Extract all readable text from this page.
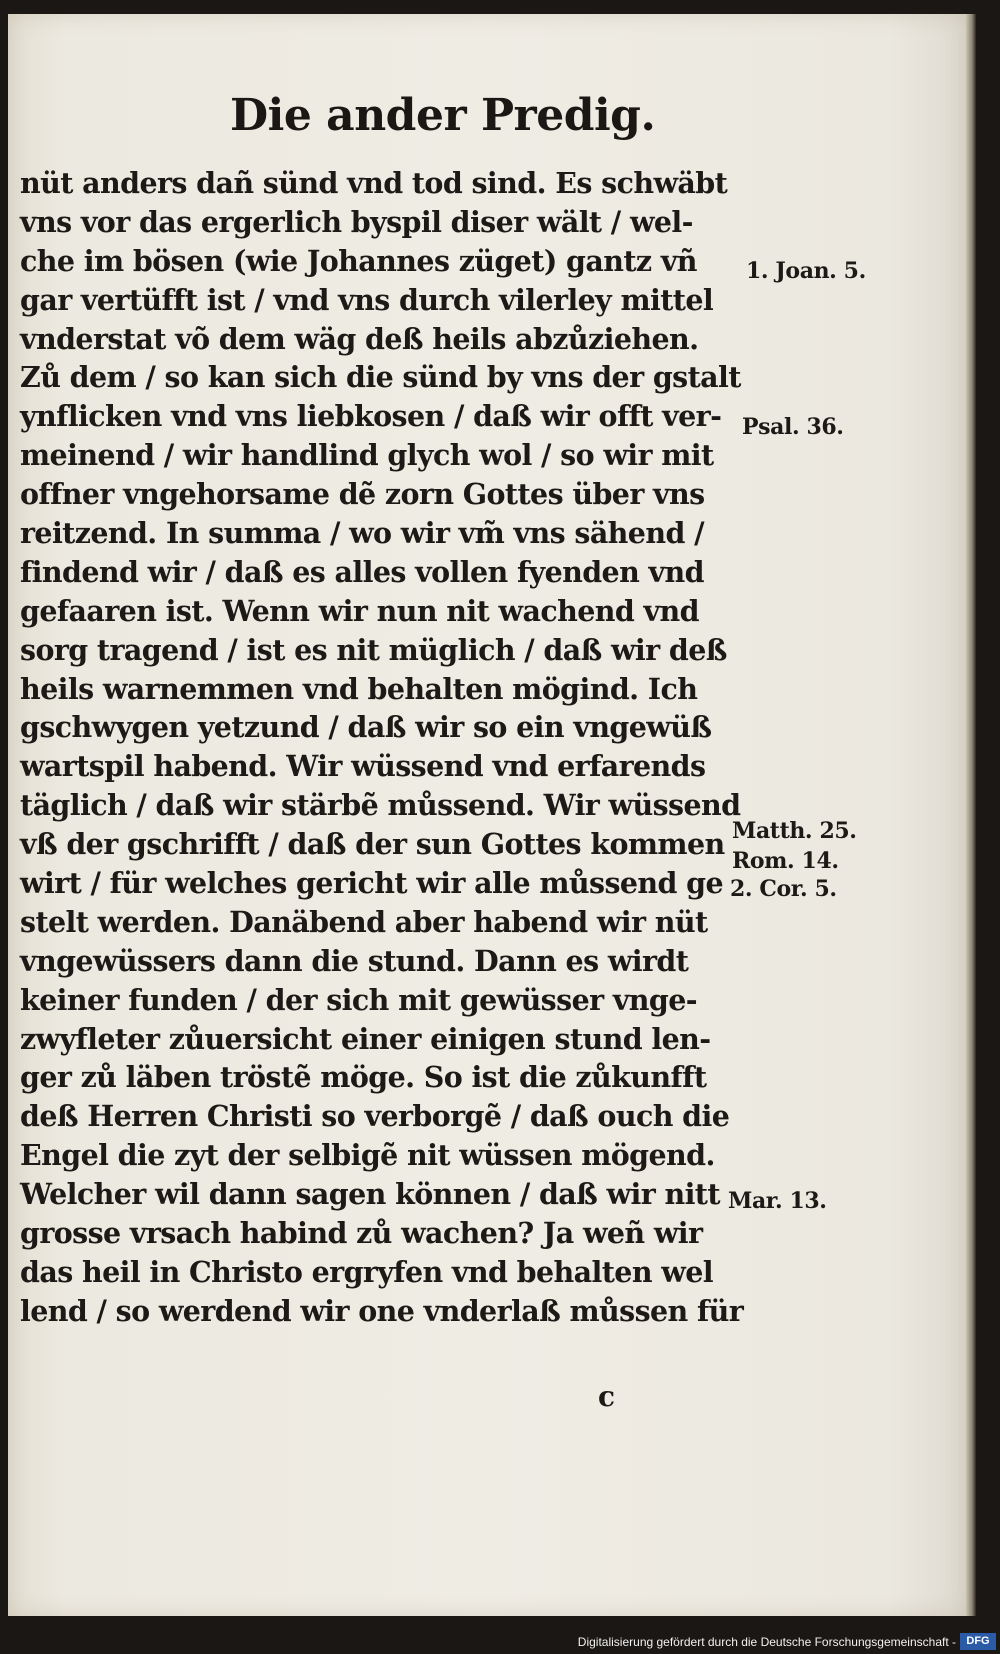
Die ander Predig.
nüt anders dañ sünd vnd tod sind. Es schwäbt
vns vor das ergerlich byspil diser wält / wel-
che im bösen (wie Johannes züget) gantz vñ
gar vertüfft ist / vnd vns durch vilerley mittel
vnderstat võ dem wäg deß heils abzůziehen.
Zů dem / so kan sich die sünd by vns der gstalt
ynflicken vnd vns liebkosen / daß wir offt ver-
meinend / wir handlind glych wol / so wir mit
offner vngehorsame dẽ zorn Gottes über vns
reitzend. In summa / wo wir vm̃ vns sähend /
findend wir / daß es alles vollen fyenden vnd
gefaaren ist. Wenn wir nun nit wachend vnd
sorg tragend / ist es nit müglich / daß wir deß
heils warnemmen vnd behalten mögind. Ich
gschwygen yetzund / daß wir so ein vngewüß
wartspil habend. Wir wüssend vnd erfarends
täglich / daß wir stärbẽ můssend. Wir wüssend
vß der gschrifft / daß der sun Gottes kommen
wirt / für welches gericht wir alle můssend ge
stelt werden. Danäbend aber habend wir nüt
vngewüssers dann die stund. Dann es wirdt
keiner funden / der sich mit gewüsser vnge-
zwyfleter zůuersicht einer einigen stund len-
ger zů läben tröstẽ möge. So ist die zůkunfft
deß Herren Christi so verborgẽ / daß ouch die
Engel die zyt der selbigẽ nit wüssen mögend.
Welcher wil dann sagen können / daß wir nitt
grosse vrsach habind zů wachen? Ja weñ wir
das heil in Christo ergryfen vnd behalten wel
lend / so werdend wir one vnderlaß můssen für
1. Joan. 5.
Psal. 36.
Matth. 25.
Rom. 14.
2. Cor. 5.
Mar. 13.
c
Digitalisierung gefördert durch die Deutsche Forschungsgemeinschaft - DFG
